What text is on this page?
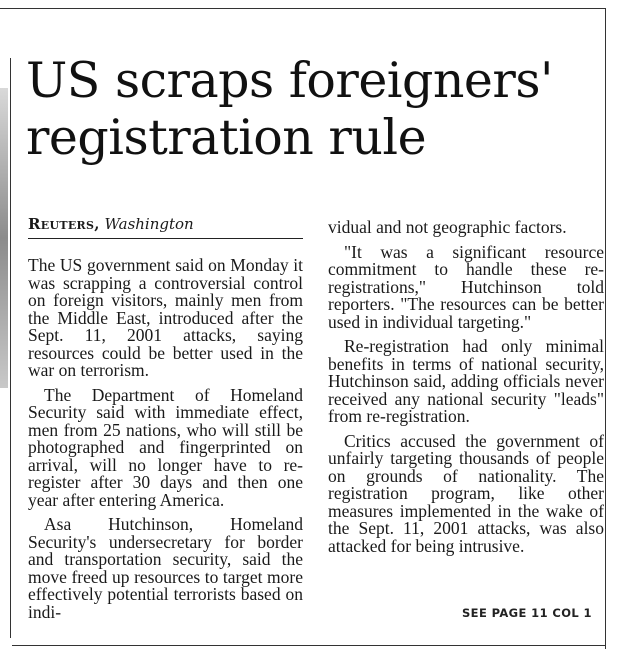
US scraps foreigners' registration rule
Reuters, Washington

The US government said on Monday it was scrapping a controversial control on foreign visitors, mainly men from the Middle East, introduced after the Sept. 11, 2001 attacks, saying resources could be better used in the war on terrorism.

The Department of Homeland Security said with immediate effect, men from 25 nations, who will still be photographed and fingerprinted on arrival, will no longer have to re-register after 30 days and then one year after entering America.

Asa Hutchinson, Homeland Security's undersecretary for border and transportation security, said the move freed up resources to target more effectively potential terrorists based on indi-

vidual and not geographic factors.

"It was a significant resource commitment to handle these re-registrations," Hutchinson told reporters. "The resources can be better used in individual targeting."

Re-registration had only minimal benefits in terms of national security, Hutchinson said, adding officials never received any national security "leads" from re-registration.

Critics accused the government of unfairly targeting thousands of people on grounds of nationality. The registration program, like other measures implemented in the wake of the Sept. 11, 2001 attacks, was also attacked for being intrusive.

SEE PAGE 11 COL 1
